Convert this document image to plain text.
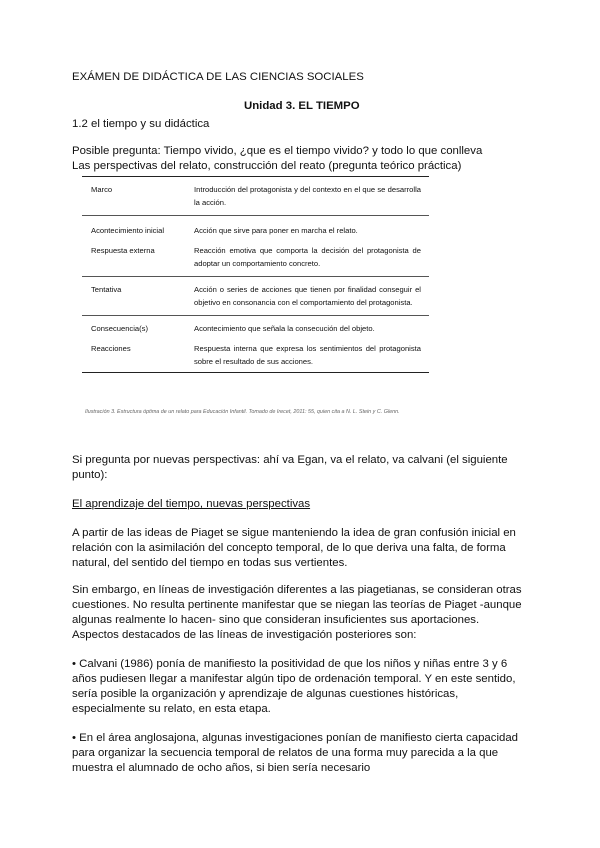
EXÁMEN DE DIDÁCTICA DE LAS CIENCIAS SOCIALES
Unidad 3. EL TIEMPO
1.2 el tiempo y su didáctica
Posible pregunta: Tiempo vivido, ¿que es el tiempo vivido? y todo lo que conlleva
Las perspectivas del relato, construcción del reato (pregunta teórico práctica)
Marco	Introducción del protagonista y del contexto en el que se desarrolla la acción.
Acontecimiento inicial	Acción que sirve para poner en marcha el relato.
Respuesta externa	Reacción emotiva que comporta la decisión del protagonista de adoptar un comportamiento concreto.
Tentativa	Acción o series de acciones que tienen por finalidad conseguir el objetivo en consonancia con el comportamiento del protagonista.
Consecuencia(s)	Acontecimiento que señala la consecución del objeto.
Reacciones	Respuesta interna que expresa los sentimientos del protagonista sobre el resultado de sus acciones.
Ilustración 3. Estructura óptima de un relato para Educación Infantil. Tomado de Irecet, 2011: 55, quien cita a N. L. Stein y C. Glenn.
Si pregunta por nuevas perspectivas: ahí va Egan, va el relato, va calvani (el siguiente
punto):
El aprendizaje del tiempo, nuevas perspectivas
A partir de las ideas de Piaget se sigue manteniendo la idea de gran confusión inicial en relación con la asimilación del concepto temporal, de lo que deriva una falta, de forma natural, del sentido del tiempo en todas sus vertientes.
Sin embargo, en líneas de investigación diferentes a las piagetianas, se consideran otras cuestiones. No resulta pertinente manifestar que se niegan las teorías de Piaget -aunque algunas realmente lo hacen- sino que consideran insuficientes sus aportaciones. Aspectos destacados de las líneas de investigación posteriores son:
• Calvani (1986) ponía de manifiesto la positividad de que los niños y niñas entre 3 y 6 años pudiesen llegar a manifestar algún tipo de ordenación temporal. Y en este sentido, sería posible la organización y aprendizaje de algunas cuestiones históricas, especialmente su relato, en esta etapa.
• En el área anglosajona, algunas investigaciones ponían de manifiesto cierta capacidad para organizar la secuencia temporal de relatos de una forma muy parecida a la que muestra el alumnado de ocho años, si bien sería necesario
